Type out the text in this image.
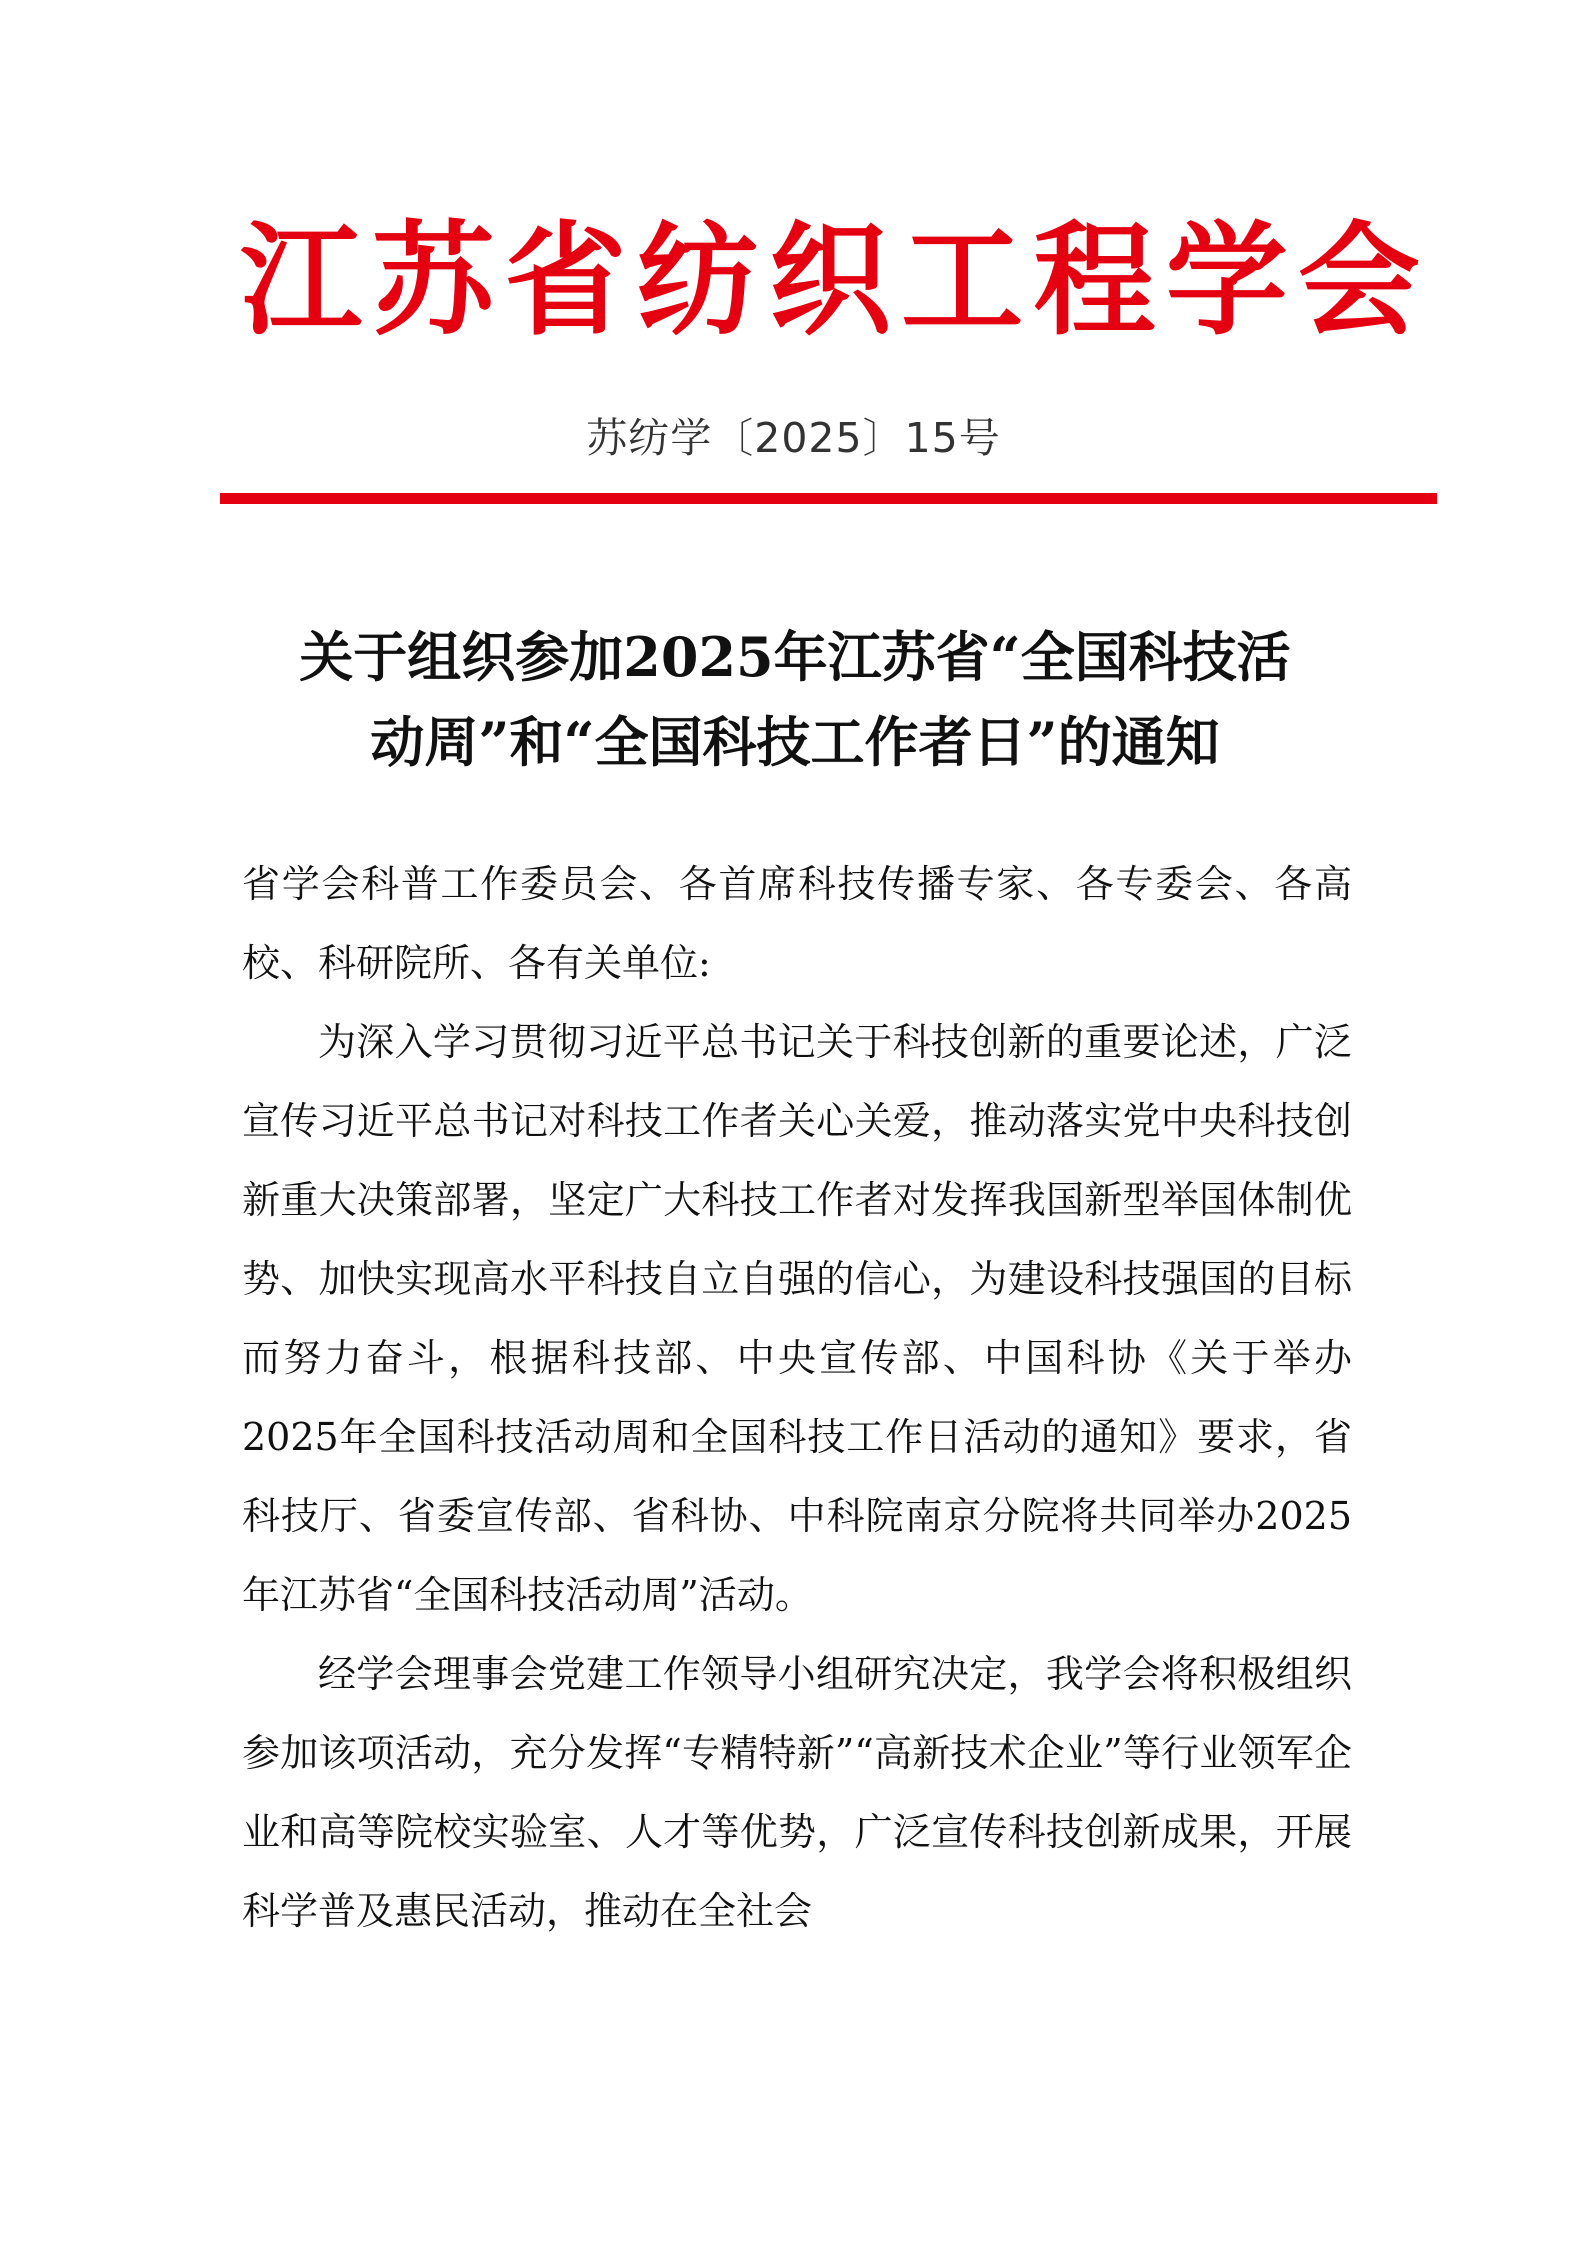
江 苏 省 纺 织 工 程 学 会
苏纺学〔2025〕15号
关于组织参加2025年江苏省“全国科技活
动周”和“全国科技工作者日”的通知

省学会科普工作委员会、各首席科技传播专家、各专委会、各高校、科研院所、各有关单位:

为深入学习贯彻习近平总书记关于科技创新的重要论述，广泛宣传习近平总书记对科技工作者关心关爱，推动落实党中央科技创新重大决策部署，坚定广大科技工作者对发挥我国新型举国体制优势、加快实现高水平科技自立自强的信心，为建设科技强国的目标而努力奋斗，根据科技部、中央宣传部、中国科协《关于举办2025年全国科技活动周和全国科技工作日活动的通知》要求，省科技厅、省委宣传部、省科协、中科院南京分院将共同举办2025年江苏省“全国科技活动周”活动。

经学会理事会党建工作领导小组研究决定，我学会将积极组织参加该项活动，充分发挥“专精特新”“高新技术企业”等行业领军企业和高等院校实验室、人才等优势，广泛宣传科技创新成果，开展科学普及惠民活动，推动在全社会
